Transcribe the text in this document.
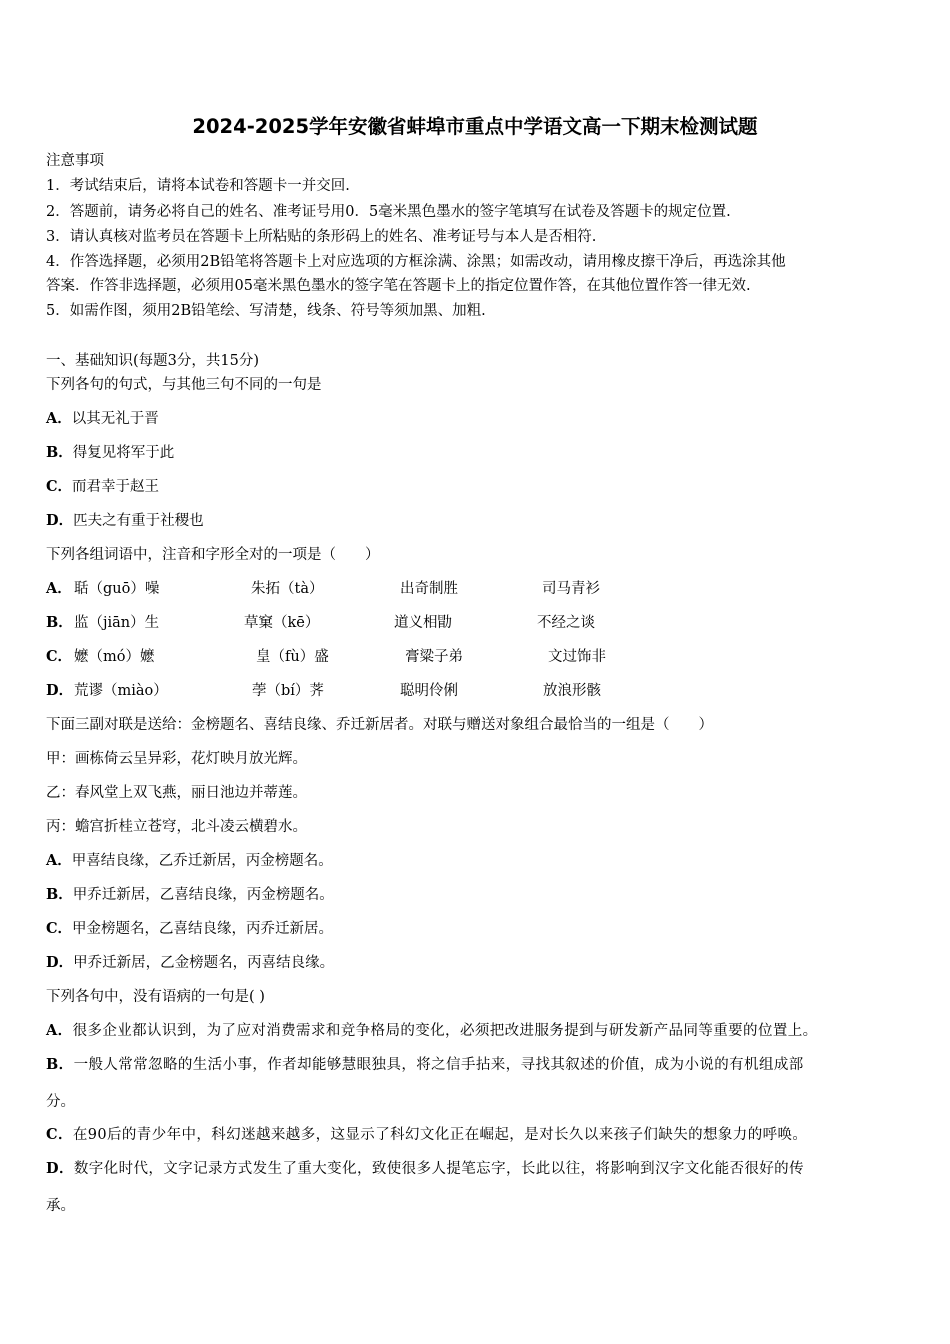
2024-2025学年安徽省蚌埠市重点中学语文高一下期末检测试题
注意事项
1．考试结束后，请将本试卷和答题卡一并交回.
2．答题前，请务必将自己的姓名、准考证号用0．5毫米黑色墨水的签字笔填写在试卷及答题卡的规定位置.
3．请认真核对监考员在答题卡上所粘贴的条形码上的姓名、准考证号与本人是否相符.
4．作答选择题，必须用2B铅笔将答题卡上对应选项的方框涂满、涂黑；如需改动，请用橡皮擦干净后，再选涂其他
答案．作答非选择题，必须用05毫米黑色墨水的签字笔在答题卡上的指定位置作答，在其他位置作答一律无效.
5．如需作图，须用2B铅笔绘、写清楚，线条、符号等须加黑、加粗.
一、基础知识(每题3分，共15分)
下列各句的句式，与其他三句不同的一句是
A．以其无礼于晋
B．得复见将军于此
C．而君幸于赵王
D．匹夫之有重于社稷也
下列各组词语中，注音和字形全对的一项是（　　）
A． 聒（guō）噪	朱拓（tà）	出奇制胜	司马青衫
B． 监（jiān）生	草窠（kē）	道义相勖	不经之谈
C． 嬷（mó）嬷	皇（fù）盛	膏粱子弟	文过饰非
D． 荒谬（miào）	荸（bí）荠	聪明伶俐	放浪形骸
下面三副对联是送给：金榜题名、喜结良缘、乔迁新居者。对联与赠送对象组合最恰当的一组是（　　）
甲：画栋倚云呈异彩，花灯映月放光辉。
乙：春风堂上双飞燕，丽日池边并蒂莲。
丙：蟾宫折桂立苍穹，北斗凌云横碧水。
A．甲喜结良缘，乙乔迁新居，丙金榜题名。
B．甲乔迁新居，乙喜结良缘，丙金榜题名。
C．甲金榜题名，乙喜结良缘，丙乔迁新居。
D．甲乔迁新居，乙金榜题名，丙喜结良缘。
下列各句中，没有语病的一句是( )
A．很多企业都认识到，为了应对消费需求和竞争格局的变化，必须把改进服务提到与研发新产品同等重要的位置上。
B．一般人常常忽略的生活小事，作者却能够慧眼独具，将之信手拈来，寻找其叙述的价值，成为小说的有机组成部
分。
C．在90后的青少年中，科幻迷越来越多，这显示了科幻文化正在崛起，是对长久以来孩子们缺失的想象力的呼唤。
D．数字化时代，文字记录方式发生了重大变化，致使很多人提笔忘字，长此以往，将影响到汉字文化能否很好的传
承。
